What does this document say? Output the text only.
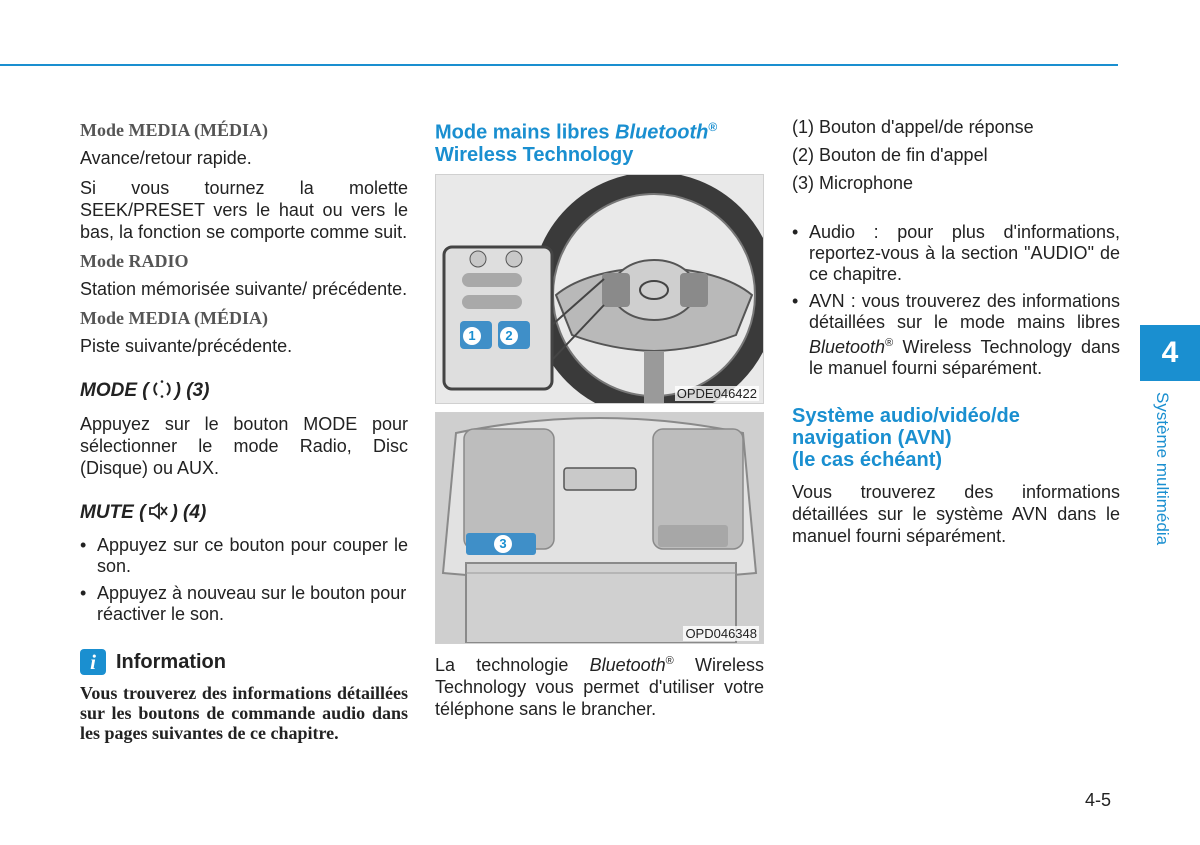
Mode MEDIA (MÉDIA)

Avance/retour rapide.

Si vous tournez la molette SEEK/PRESET vers le haut ou vers le bas, la fonction se comporte comme suit.

Mode RADIO

Station mémorisée suivante/ précédente.

Mode MEDIA (MÉDIA)

Piste suivante/précédente.

MODE ( ) (3)

Appuyez sur le bouton MODE pour sélectionner le mode Radio, Disc (Disque) ou AUX.

MUTE ( ) (4)
• Appuyez sur ce bouton pour couper le son.
• Appuyez à nouveau sur le bouton pour réactiver le son.
i	Information

Vous trouverez des informations détaillées sur les boutons de commande audio dans les pages suivantes de ce chapitre.

Mode mains libres Bluetooth®
Wireless Technology
1	2
OPDE046422
3
OPD046348

La technologie Bluetooth® Wireless Technology vous permet d'utiliser votre téléphone sans le brancher.

(1) Bouton d'appel/de réponse

(2) Bouton de fin d'appel

(3) Microphone

• Audio : pour plus d'informations, reportez-vous à la section "AUDIO" de ce chapitre.
• AVN : vous trouverez des informations détaillées sur le mode mains libres Bluetooth® Wireless Technology dans le manuel fourni séparément.
Système audio/vidéo/de
navigation (AVN)
(le cas échéant)

Vous trouverez des informations détaillées sur le système AVN dans le manuel fourni séparément.

4
Système multimédia
4-5
